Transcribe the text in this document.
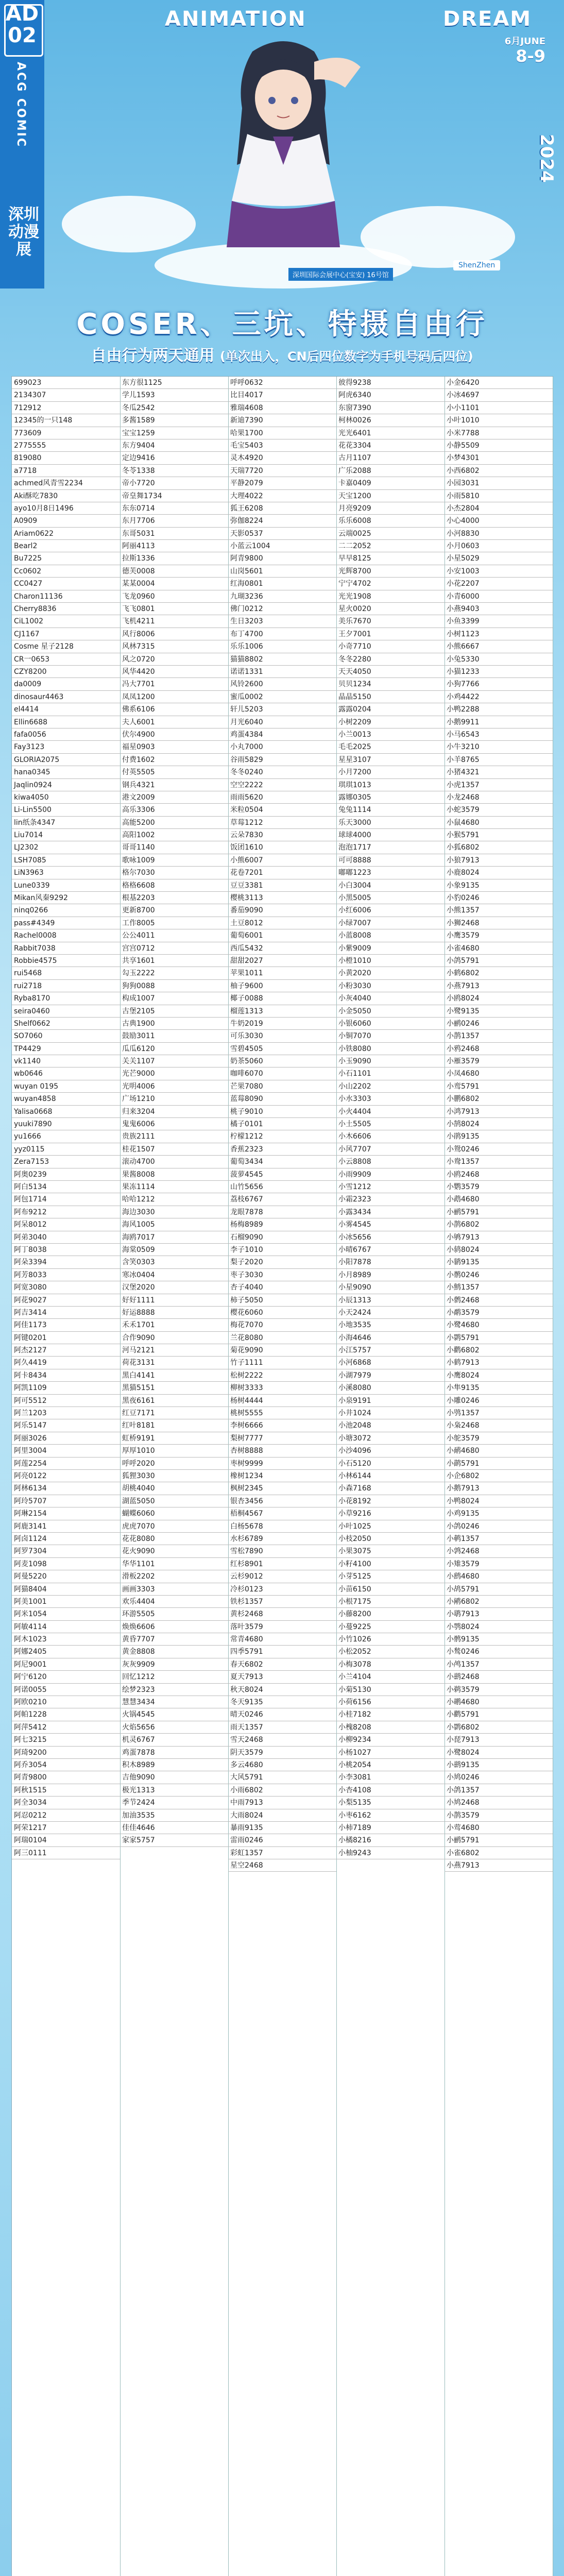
AD
02
ACG COMIC
深圳
动漫展
ANIMATION	DREAM
6月JUNE
8-9
2024
深圳国际会展中心(宝安) 16号馆
ShenZhen
COSER、三坑、特摄自由行
自由行为两天通用 (单次出入，CN后四位数字为手机号码后四位)
699023
2134307
712912
12345的一只148
773609
2775555
819080
a7718
achmed风青雪2234
Aki酥吃7830
ayo10月8日1496
A0909
Ariam0622
Bearl2
Bu7225
Cc0602
CC0427
Charon11136
Cherry8836
CiL1002
CJ1167
Cosme 星子2128
CR一0653
CZY8200
da0009
dinosaur4463
el4414
Ellin6688
fafa0056
Fay3123
GLORIA2075
hana0345
Jaqlin0924
kiwa4050
Li-Lin5500
lin纸条4347
Liu7014
LJ2302
LSH7085
LiN3963
Lune0339
Mikan风秦9292
ninq0266
pass#4349
Rachel0008
Rabbit7038
Robbie4575
rui5468
rui2718
Ryba8170
seira0460
Shelf0662
SO7060
TP4429
vk1140
wb0646
wuyan 0195
wuyan4858
Yalisa0668
yuuki7890
yu1666
yyz0115
Zera7153
阿奥0239
阿白5134
阿包1714
阿布9212
阿呆8012
阿弟3040
阿丁8038
阿朵3394
阿芳8033
阿宽3080
阿花9027
阿吉3414
阿佳1173
阿键0201
阿杰2127
阿久4419
阿卡8434
阿凯1109
阿可5512
阿兰1203
阿乐5147
阿丽3026
阿里3004
阿莲2254
阿亮0122
阿林6134
阿玲5707
阿琳2154
阿鹿3141
阿卤1124
阿罗7304
阿麦1098
阿曼5220
阿猫8404
阿美1001
阿米1054
阿敏4114
阿木1023
阿娜2405
阿尼9001
阿宁6120
阿诺0055
阿欧0210
阿帕1228
阿萍5412
阿七3215
阿琦9200
阿乔3054
阿青9800
阿秋1515
阿全3034
阿忍0212
阿荣1217
阿瑞0104
阿三0111
东方很1125
学儿1593
冬瓜2542
多酱1589
宝宝1259
东方9404
定边9416
冬苓1338
帝小7720
帝皇舞1734
东东0714
东月7706
东哥5031
阿丽4113
拉斯1336
德芙0008
某某0004
飞龙0960
飞飞0801
飞机4211
风行8006
风林7315
风之0720
风华4420
冯大7701
凤凤1200
佛系6106
夫人6001
伏尔4900
福星0903
付费1602
付英5505
钢兵4321
港文2009
高乐3306
高能5200
高阳1002
哥哥1140
歌咏1009
格尔7030
格格6608
根基2203
更新8700
工作8005
公公4011
宫宫0712
共享1601
勾玉2222
狗狗0088
构成1007
古堡2105
古典1900
鼓励3011
瓜瓜6120
关关1107
光芒9000
光明4006
广场1210
归来3204
鬼鬼6006
贵族2111
桂花1507
滚动4700
果酱8008
果冻1114
哈哈1212
海边3030
海风1005
海鸥7017
海棠0509
含笑0303
寒冰0404
汉堡2020
好好1111
好运8888
禾禾1701
合作9090
河马2121
荷花3131
黑白4141
黑猫5151
黑夜6161
红豆7171
红叶8181
虹桥9191
厚厚1010
呼呼2020
狐狸3030
胡桃4040
湖蓝5050
蝴蝶6060
虎虎7070
花花8080
花火9090
华华1101
滑板2202
画画3303
欢乐4404
环游5505
焕焕6606
黄昏7707
黄金8808
灰灰9909
回忆1212
绘梦2323
慧慧3434
火锅4545
火焰5656
机灵6767
鸡蛋7878
积木8989
吉他9090
极光1313
季节2424
加油3535
佳佳4646
家家5757
呼呼0632
比目4017
雅瑞4608
新迪7390
哈果1700
毛宝5403
灵木4920
天瑞7720
平静2079
大理4022
狐王6208
弥伽8224
天影0537
小蓝云1004
阿青9800
山岗5601
红海0801
九瑚3236
佛门0212
生日3203
布丁4700
乐乐1006
猫猫8802
诺诺1331
风铃2600
蜜瓜0002
轩儿5203
月光6040
鸡蛋4384
小丸7000
谷雨5829
冬冬0240
空空2222
雨雨5620
米粒0504
草莓1212
云朵7830
饭团1610
小熊6007
花卷7201
豆豆3381
樱桃3113
番茄9090
土豆8012
葡萄6001
西瓜5432
甜甜2027
苹果1011
柚子9600
椰子0088
榴莲1313
牛奶2019
可乐3030
雪碧4505
奶茶5060
咖啡6070
芒果7080
蓝莓8090
桃子9010
橘子0101
柠檬1212
香蕉2323
葡萄3434
菠萝4545
山竹5656
荔枝6767
龙眼7878
杨梅8989
石榴9090
李子1010
梨子2020
枣子3030
杏子4040
柿子5050
樱花6060
梅花7070
兰花8080
菊花9090
竹子1111
松树2222
柳树3333
杨树4444
桃树5555
李树6666
梨树7777
杏树8888
枣树9999
橡树1234
枫树2345
银杏3456
梧桐4567
白杨5678
水杉6789
雪松7890
红杉8901
云杉9012
冷杉0123
铁杉1357
黄杉2468
落叶3579
常青4680
四季5791
春天6802
夏天7913
秋天8024
冬天9135
晴天0246
雨天1357
雪天2468
阴天3579
多云4680
大风5791
小雨6802
中雨7913
大雨8024
暴雨9135
雷雨0246
彩虹1357
星空2468
彼得9238
阿虎6340
东窗7390
柯林0026
光光6401
花花3304
古月1107
广乐2088
卡嘉0409
天宝1200
月亮9209
乐乐6008
云端0025
二二2052
早早8125
光辉8700
宁宁4702
光光1908
星火0020
美乐7670
王夕7001
小奇7710
冬冬2280
天天4050
贝贝1234
晶晶5150
露露0204
小树2209
小兰0013
毛毛2025
星星3107
小月7200
琪琪1013
露娜0305
兔兔1114
乐天3000
球球4000
泡泡1717
可可8888
嘟嘟1223
小白3004
小黑5005
小红6006
小绿7007
小蓝8008
小紫9009
小橙1010
小黄2020
小粉3030
小灰4040
小金5050
小银6060
小铜7070
小铁8080
小玉9090
小石1101
小山2202
小水3303
小火4404
小土5505
小木6606
小风7707
小云8808
小雨9909
小雪1212
小霜2323
小露3434
小雾4545
小冰5656
小晴6767
小阳7878
小月8989
小星9090
小辰1313
小天2424
小地3535
小海4646
小江5757
小河6868
小湖7979
小溪8080
小泉9191
小井1024
小池2048
小塘3072
小沙4096
小石5120
小林6144
小森7168
小花8192
小草9216
小叶1025
小枝2050
小果3075
小籽4100
小芽5125
小苗6150
小根7175
小藤8200
小蔓9225
小竹1026
小松2052
小梅3078
小兰4104
小菊5130
小荷6156
小桂7182
小槐8208
小柳9234
小杨1027
小桃2054
小李3081
小杏4108
小梨5135
小枣6162
小柿7189
小橘8216
小柚9243
小金6420
小冰4697
小小1101
小叶1010
小米7788
小静5509
小梦4301
小西6802
小园3031
小雨5810
小杰2804
小心4000
小河8830
小月0603
小星5029
小安1003
小花2207
小青6000
小燕9403
小鱼3399
小树1123
小熊6667
小兔5330
小猫1233
小狗7766
小鸡4422
小鸭2288
小鹅9911
小马6543
小牛3210
小羊8765
小猪4321
小虎1357
小龙2468
小蛇3579
小鼠4680
小猴5791
小狐6802
小狼7913
小鹿8024
小象9135
小豹0246
小熊1357
小狮2468
小鹰3579
小雀4680
小鸽5791
小鹤6802
小燕7913
小鸥8024
小鹭9135
小鹂0246
小鹊1357
小鸦2468
小雁3579
小凤4680
小鸾5791
小鹏6802
小鸿7913
小鹄8024
小鹃9135
小鸳0246
小鸯1357
小鸥2468
小鹦3579
小鹉4680
小鹂5791
小鹊6802
小鸲7913
小鸫8024
小鹟9135
小鹡0246
小鹪1357
小鹩2468
小鹬3579
小鹭4680
小鹮5791
小鹳6802
小鹤7913
小鹰8024
小隼9135
小雕0246
小鸮1357
小枭2468
小鸵3579
小鸸4680
小鹋5791
小企6802
小鹅7913
小鸭8024
小鸡9135
小鸽0246
小鹌1357
小鹑2468
小雉3579
小鹧4680
小鸪5791
小鹇6802
小鹖7913
小鹗8024
小鹘9135
小鹙0246
小鸬1357
小鹚2468
小鹈3579
小鹕4680
小鹳5791
小鹮6802
小琵7913
小鹭8024
小鹚9135
小鸠0246
小鸽1357
小鸠2468
小鹊3579
小莺4680
小鹂5791
小雀6802
小燕7913
